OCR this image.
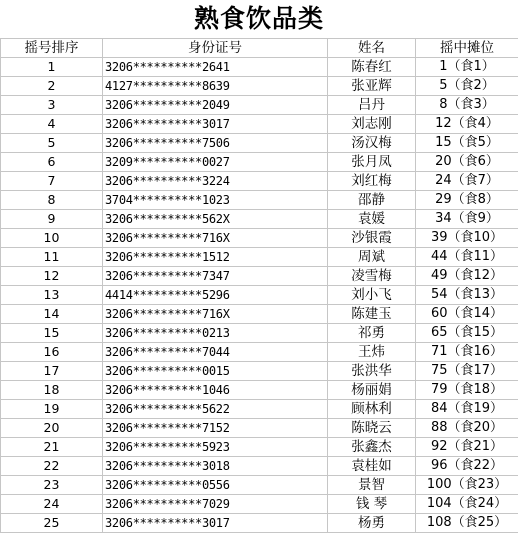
熟食饮品类
摇号排序	身份证号	姓名	摇中摊位
1	3206**********2641	陈春红	1（食1）
2	4127**********8639	张亚辉	5（食2）
3	3206**********2049	吕丹	8（食3）
4	3206**********3017	刘志刚	12（食4）
5	3206**********7506	汤汉梅	15（食5）
6	3209**********0027	张月凤	20（食6）
7	3206**********3224	刘红梅	24（食7）
8	3704**********1023	邵静	29（食8）
9	3206**********562X	袁媛	34（食9）
10	3206**********716X	沙银霞	39（食10）
11	3206**********1512	周斌	44（食11）
12	3206**********7347	凌雪梅	49（食12）
13	4414**********5296	刘小飞	54（食13）
14	3206**********716X	陈建玉	60（食14）
15	3206**********0213	祁勇	65（食15）
16	3206**********7044	王炜	71（食16）
17	3206**********0015	张洪华	75（食17）
18	3206**********1046	杨丽娟	79（食18）
19	3206**********5622	顾林利	84（食19）
20	3206**********7152	陈晓云	88（食20）
21	3206**********5923	张鑫杰	92（食21）
22	3206**********3018	袁桂如	96（食22）
23	3206**********0556	景智	100（食23）
24	3206**********7029	钱 琴	104（食24）
25	3206**********3017	杨勇	108（食25）
